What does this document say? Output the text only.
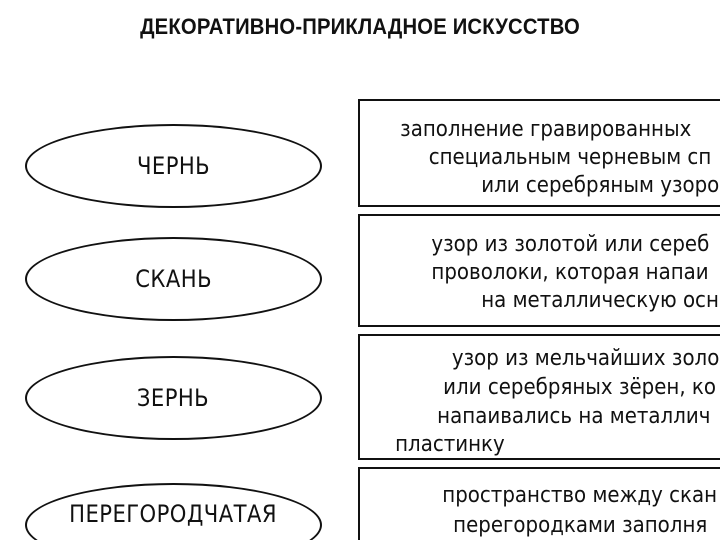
ДЕКОРАТИВНО-ПРИКЛАДНОЕ ИСКУССТВО
ЧЕРНЬ
заполнение гравированных
специальным черневым сп
или серебряным узоро
СКАНЬ
узор из золотой или сереб
проволоки, которая напаи
на металлическую осн
ЗЕРНЬ
узор из мельчайших золо
или серебряных зёрен, ко
напаивались на металлич
пластинку
ПЕРЕГОРОДЧАТАЯ
пространство между скан
перегородками заполня
